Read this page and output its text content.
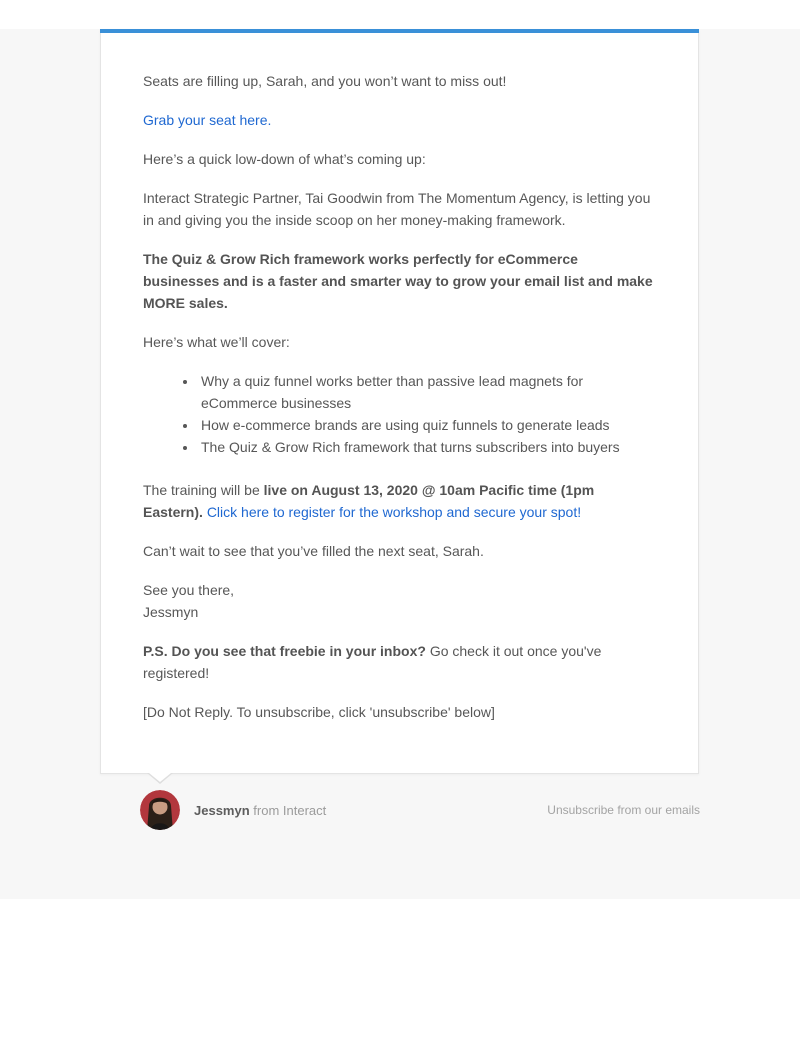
Seats are filling up, Sarah, and you won’t want to miss out!

Grab your seat here.

Here’s a quick low-down of what’s coming up:

Interact Strategic Partner, Tai Goodwin from The Momentum Agency, is letting you in and giving you the inside scoop on her money-making framework.

The Quiz & Grow Rich framework works perfectly for eCommerce businesses and is a faster and smarter way to grow your email list and make MORE sales.

Here’s what we’ll cover:

• Why a quiz funnel works better than passive lead magnets for eCommerce businesses
• How e-commerce brands are using quiz funnels to generate leads
• The Quiz & Grow Rich framework that turns subscribers into buyers

The training will be live on August 13, 2020 @ 10am Pacific time (1pm Eastern). Click here to register for the workshop and secure your spot!

Can’t wait to see that you’ve filled the next seat, Sarah.

See you there,
Jessmyn

P.S. Do you see that freebie in your inbox? Go check it out once you've registered!

[Do Not Reply. To unsubscribe, click 'unsubscribe' below]

Jessmyn from Interact	Unsubscribe from our emails
